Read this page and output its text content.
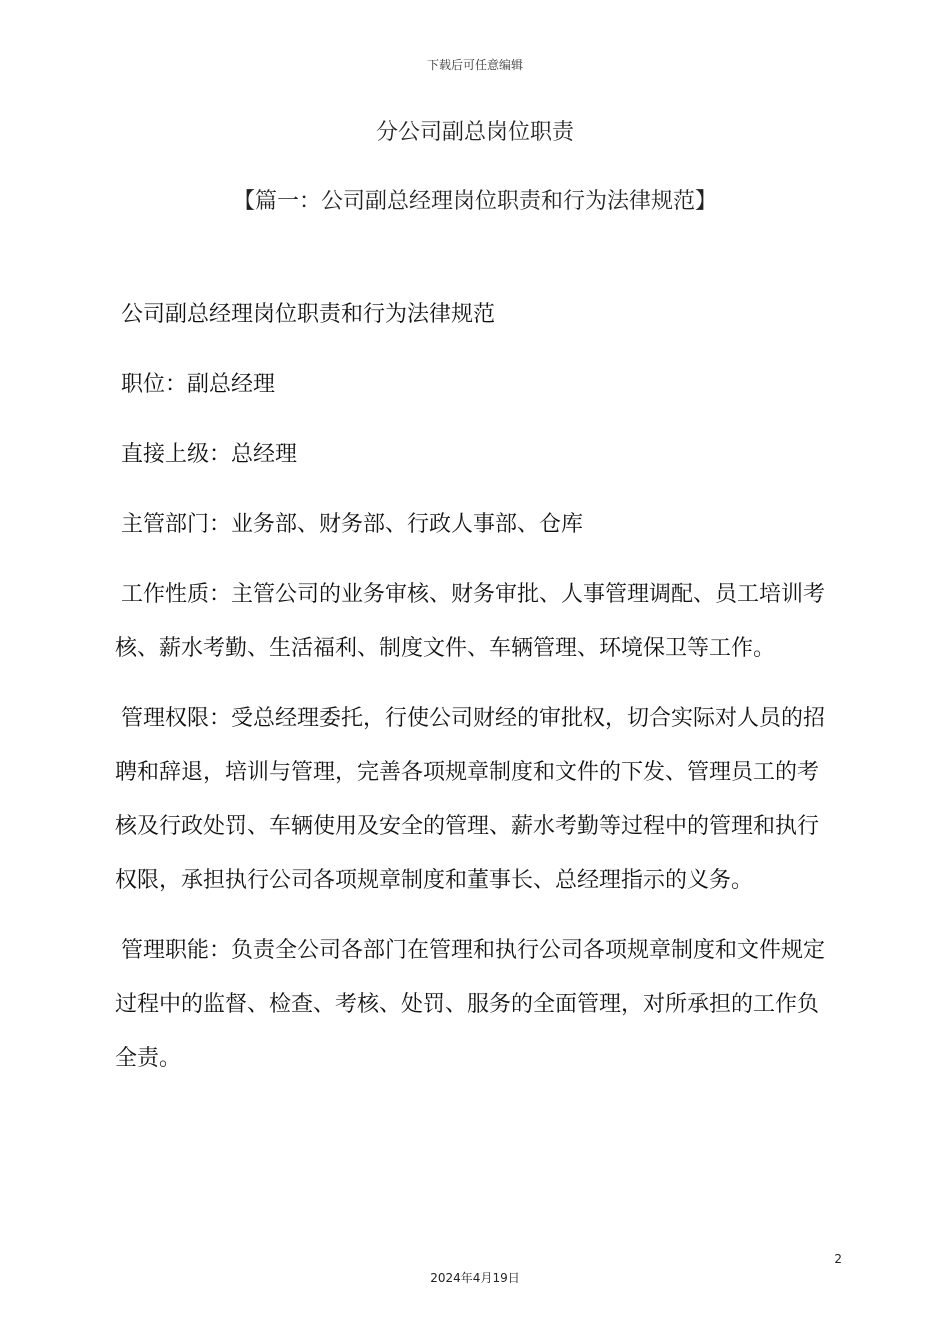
下载后可任意编辑
分公司副总岗位职责
【篇一：公司副总经理岗位职责和行为法律规范】

公司副总经理岗位职责和行为法律规范

职位：副总经理

直接上级：总经理

主管部门：业务部、财务部、行政人事部、仓库

工作性质：主管公司的业务审核、财务审批、人事管理调配、员工培训考核、薪水考勤、生活福利、制度文件、车辆管理、环境保卫等工作。

管理权限：受总经理委托，行使公司财经的审批权，切合实际对人员的招聘和辞退，培训与管理，完善各项规章制度和文件的下发、管理员工的考核及行政处罚、车辆使用及安全的管理、薪水考勤等过程中的管理和执行权限，承担执行公司各项规章制度和董事长、总经理指示的义务。

管理职能：负责全公司各部门在管理和执行公司各项规章制度和文件规定过程中的监督、检查、考核、处罚、服务的全面管理，对所承担的工作负全责。

2
2024年4月19日
